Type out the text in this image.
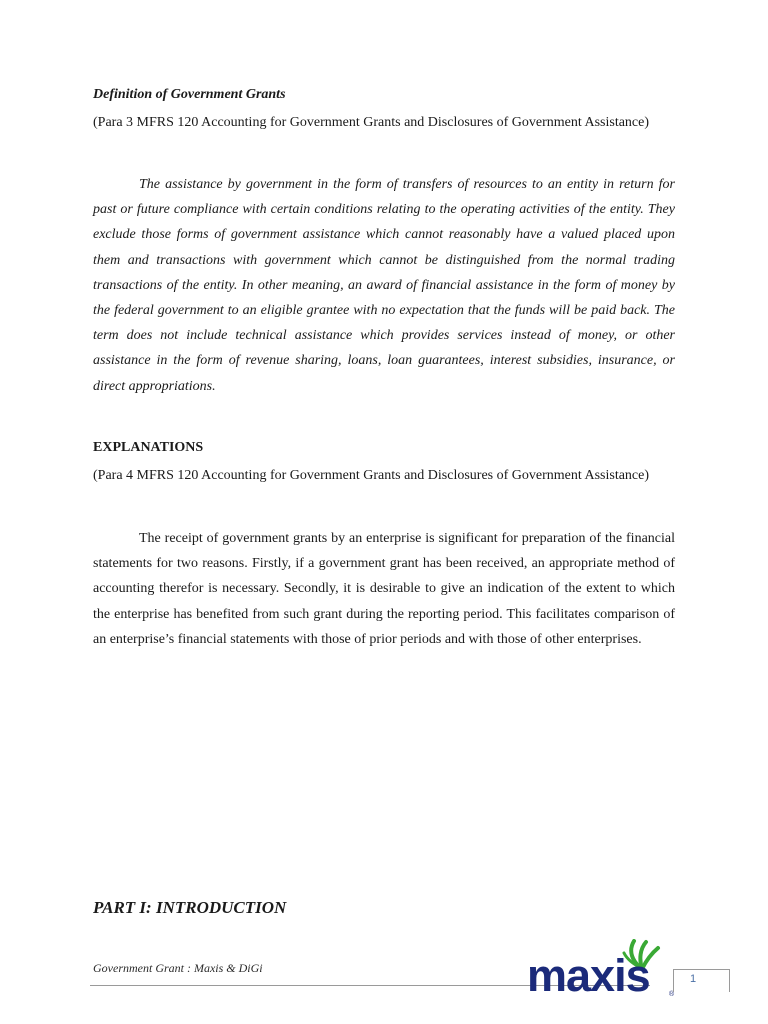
Definition of Government Grants
(Para 3 MFRS 120 Accounting for Government Grants and Disclosures of Government Assistance)
The assistance by government in the form of transfers of resources to an entity in return for past or future compliance with certain conditions relating to the operating activities of the entity. They exclude those forms of government assistance which cannot reasonably have a valued placed upon them and transactions with government which cannot be distinguished from the normal trading transactions of the entity. In other meaning, an award of financial assistance in the form of money by the federal government to an eligible grantee with no expectation that the funds will be paid back. The term does not include technical assistance which provides services instead of money, or other assistance in the form of revenue sharing, loans, loan guarantees, interest subsidies, insurance, or direct appropriations.
EXPLANATIONS
(Para 4 MFRS 120 Accounting for Government Grants and Disclosures of Government Assistance)
The receipt of government grants by an enterprise is significant for preparation of the financial statements for two reasons. Firstly, if a government grant has been received, an appropriate method of accounting therefor is necessary. Secondly, it is desirable to give an indication of the extent to which the enterprise has benefited from such grant during the reporting period. This facilitates comparison of an enterprise’s financial statements with those of prior periods and with those of other enterprises.
PART I: INTRODUCTION
Government Grant : Maxis & DiGi	maxis	®
1
